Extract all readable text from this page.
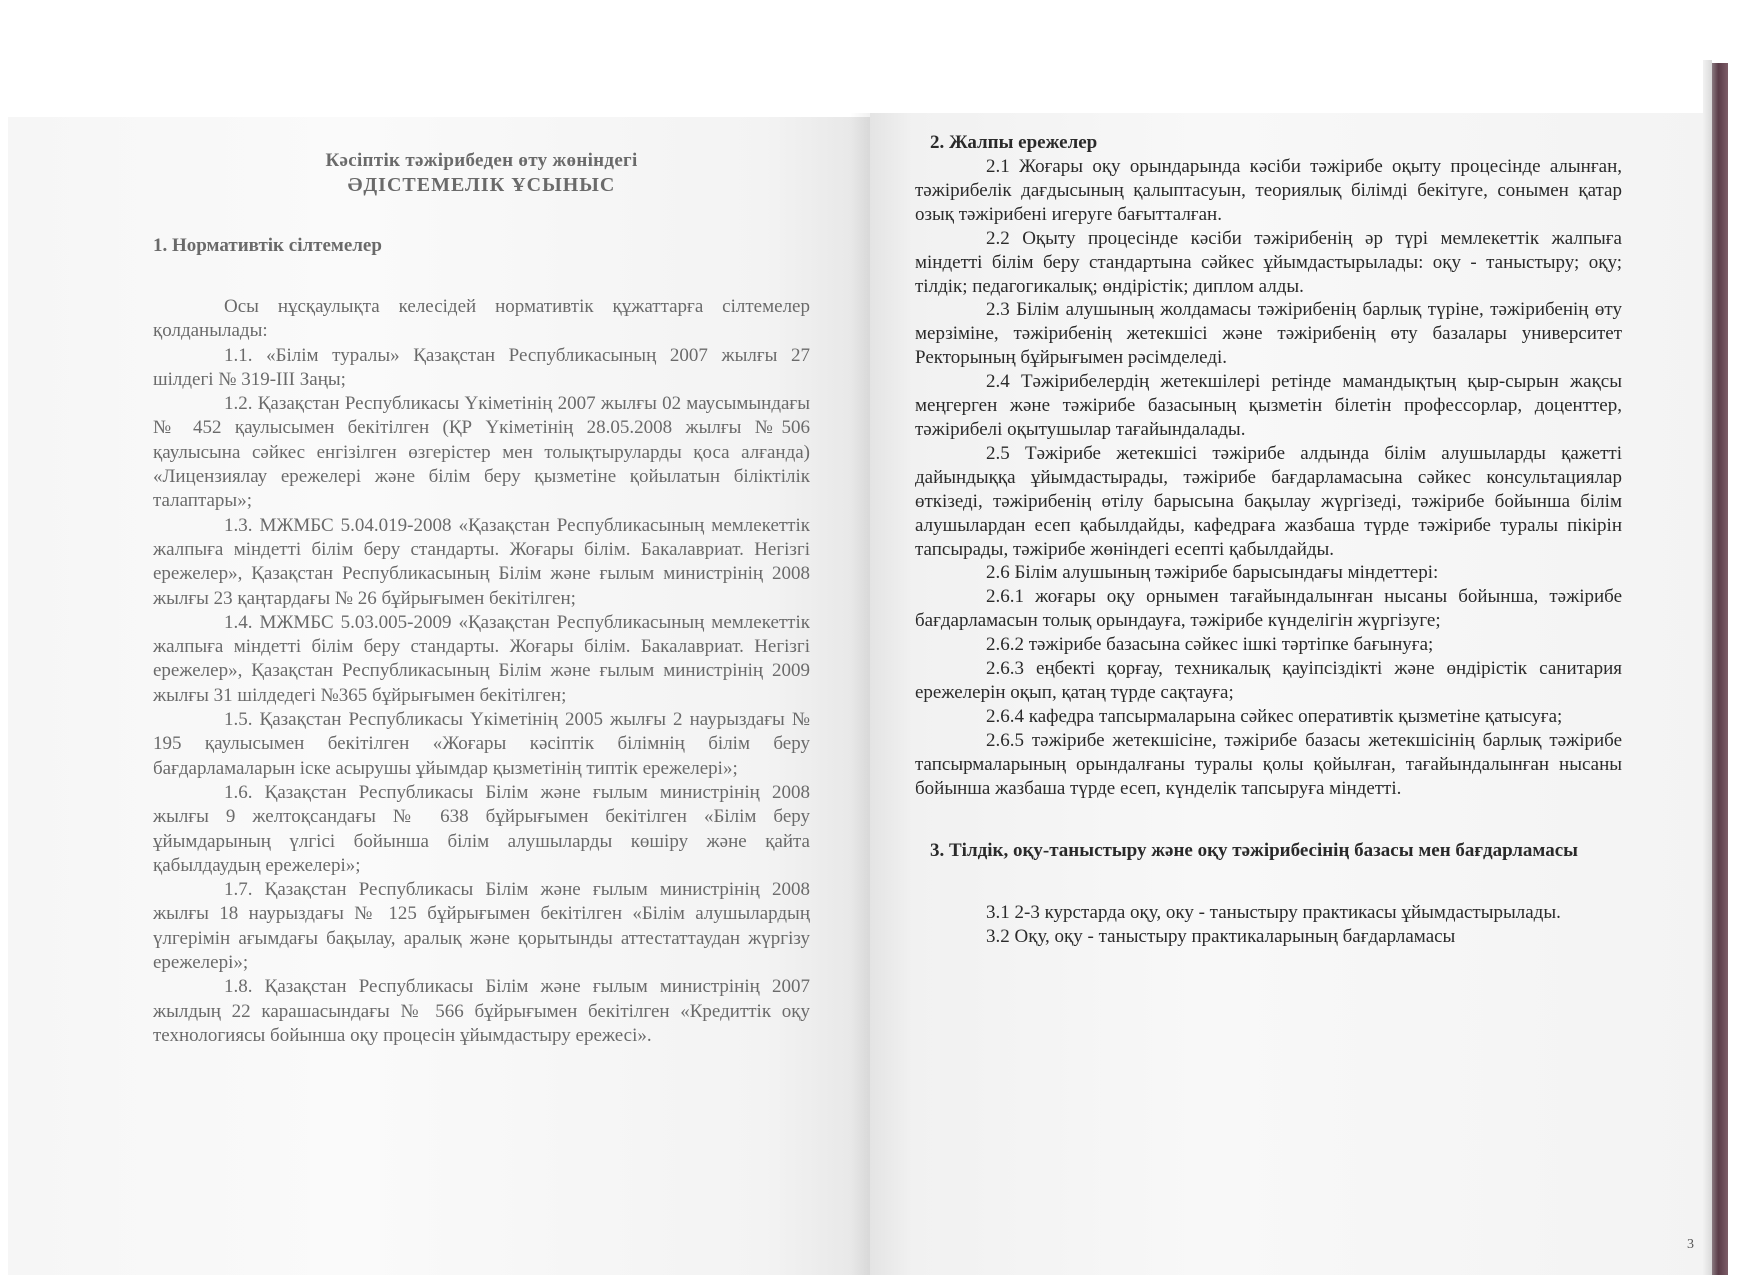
Кәсіптік тәжірибеден өту жөніндегі
ӘДІСТЕМЕЛІК ҰСЫНЫС
1. Нормативтік сілтемелер

Осы нұсқаулықта келесідей нормативтік құжаттарға сілтемелер қолданылады:

1.1. «Білім туралы» Қазақстан Республикасының 2007 жылғы 27 шілдегі № 319-III Заңы;

1.2. Қазақстан Республикасы Үкіметінің 2007 жылғы 02 маусымындағы № 452 қаулысымен бекітілген (ҚР Үкіметінің 28.05.2008 жылғы №506 қаулысына сәйкес енгізілген өзгерістер мен толықтыруларды қоса алғанда) «Лицензиялау ережелері және білім беру қызметіне қойылатын біліктілік талаптары»;

1.3. МЖМБС 5.04.019-2008 «Қазақстан Республикасының мемлекеттік жалпыға міндетті білім беру стандарты. Жоғары білім. Бакалавриат. Негізгі ережелер», Қазақстан Республикасының Білім және ғылым министрінің 2008 жылғы 23 қаңтардағы № 26 бұйрығымен бекітілген;

1.4. МЖМБС 5.03.005-2009 «Қазақстан Республикасының мемлекеттік жалпыға міндетті білім беру стандарты. Жоғары білім. Бакалавриат. Негізгі ережелер», Қазақстан Республикасының Білім және ғылым министрінің 2009 жылғы 31 шілдедегі №365 бұйрығымен бекітілген;

1.5. Қазақстан Республикасы Үкіметінің 2005 жылғы 2 наурыздағы № 195 қаулысымен бекітілген «Жоғары кәсіптік білімнің білім беру бағдарламаларын іске асырушы ұйымдар қызметінің типтік ережелері»;

1.6. Қазақстан Республикасы Білім және ғылым министрінің 2008 жылғы 9 желтоқсандағы № 638 бұйрығымен бекітілген «Білім беру ұйымдарының үлгісі бойынша білім алушыларды көшіру және қайта қабылдаудың ережелері»;

1.7. Қазақстан Республикасы Білім және ғылым министрінің 2008 жылғы 18 наурыздағы № 125 бұйрығымен бекітілген «Білім алушылардың үлгерімін ағымдағы бақылау, аралық және қорытынды аттестаттаудан жүргізу ережелері»;

1.8. Қазақстан Республикасы Білім және ғылым министрінің 2007 жылдың 22 карашасындағы № 566 бұйрығымен бекітілген «Кредиттік оқу технологиясы бойынша оқу процесін ұйымдастыру ережесі».

2. Жалпы ережелер

2.1 Жоғары оқу орындарында кәсіби тәжірибе оқыту процесінде алынған, тәжірибелік дағдысының қалыптасуын, теориялық білімді бекітуге, сонымен қатар озық тәжірибені игеруге бағытталған.

2.2 Оқыту процесінде кәсіби тәжірибенің әр түрі мемлекеттік жалпыға міндетті білім беру стандартына сәйкес ұйымдастырылады: оқу - таныстыру; оқу; тілдік; педагогикалық; өндірістік; диплом алды.

2.3 Білім алушының жолдамасы тәжірибенің барлық түріне, тәжірибенің өту мерзіміне, тәжірибенің жетекшісі және тәжірибенің өту базалары университет Ректорының бұйрығымен рәсімделеді.

2.4 Тәжірибелердің жетекшілері ретінде мамандықтың қыр-сырын жақсы меңгерген және тәжірибе базасының қызметін білетін профессорлар, доценттер, тәжірибелі оқытушылар тағайындалады.

2.5 Тәжірибе жетекшісі тәжірибе алдында білім алушыларды қажетті дайындыққа ұйымдастырады, тәжірибе бағдарламасына сәйкес консультациялар өткізеді, тәжірибенің өтілу барысына бақылау жүргізеді, тәжірибе бойынша білім алушылардан есеп қабылдайды, кафедраға жазбаша түрде тәжірибе туралы пікірін тапсырады, тәжірибе жөніндегі есепті қабылдайды.

2.6 Білім алушының тәжірибе барысындағы міндеттері:

2.6.1 жоғары оқу орнымен тағайындалынған нысаны бойынша, тәжірибе бағдарламасын толық орындауға, тәжірибе күнделігін жүргізуге;

2.6.2 тәжірибе базасына сәйкес ішкі тәртіпке бағынуға;

2.6.3 еңбекті қорғау, техникалық қауіпсіздікті және өндірістік санитария ережелерін оқып, қатаң түрде сақтауға;

2.6.4 кафедра тапсырмаларына сәйкес оперативтік қызметіне қатысуға;

2.6.5 тәжірибе жетекшісіне, тәжірибе базасы жетекшісінің барлық тәжірибе тапсырмаларының орындалғаны туралы қолы қойылған, тағайындалынған нысаны бойынша жазбаша түрде есеп, күнделік тапсыруға міндетті.

3. Тілдік, оқу-таныстыру және оқу тәжірибесінің базасы мен бағдарламасы

3.1 2-3 курстарда оқу, оку - таныстыру практикасы ұйымдастырылады.

3.2 Оқу, оқу - таныстыру практикаларының бағдарламасы

3
